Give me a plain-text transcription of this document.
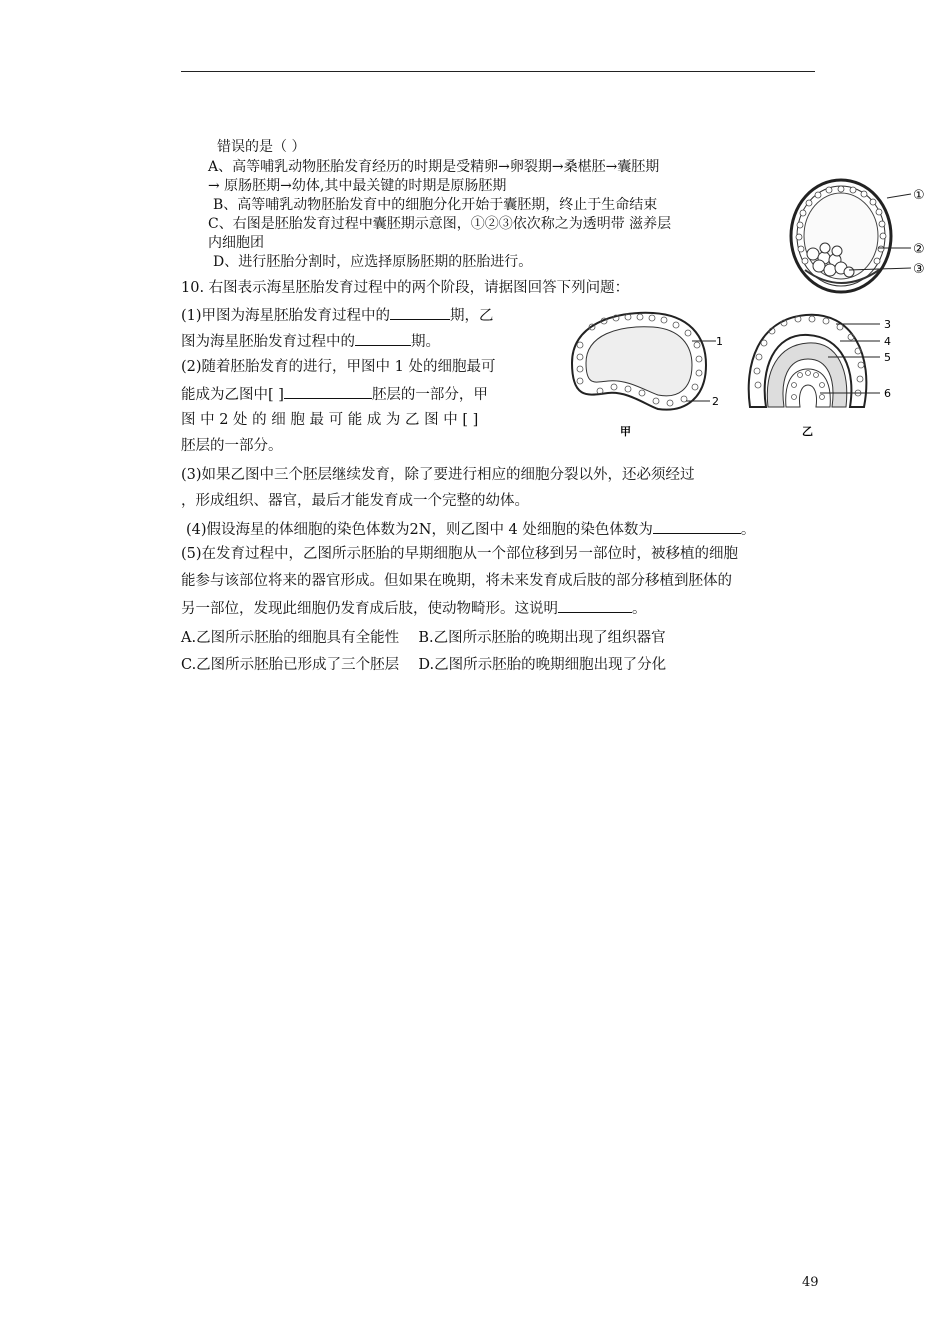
错误的是（ ）
A、高等哺乳动物胚胎发育经历的时期是受精卵→卵裂期→桑椹胚→囊胚期
→ 原肠胚期→幼体,其中最关键的时期是原肠胚期
B、高等哺乳动物胚胎发育中的细胞分化开始于囊胚期，终止于生命结束
C、右图是胚胎发育过程中囊胚期示意图，①②③依次称之为透明带 滋养层
内细胞团
D、进行胚胎分割时，应选择原肠胚期的胚胎进行。
①
②
③
10. 右图表示海星胚胎发育过程中的两个阶段，请据图回答下列问题：
(1)甲图为海星胚胎发育过程中的	期，乙
图为海星胚胎发育过程中的	期。
(2)随着胚胎发育的进行，甲图中 1 处的细胞最可
能成为乙图中[ ]	胚层的一部分，甲
图 中 2 处 的 细 胞 最 可 能 成 为 乙 图 中 [ ]
胚层的一部分。
1
2
甲
3
4
5
6
乙
(3)如果乙图中三个胚层继续发育，除了要进行相应的细胞分裂以外，还必须经过
，形成组织、器官，最后才能发育成一个完整的幼体。
(4)假设海星的体细胞的染色体数为2N，则乙图中 4 处细胞的染色体数为	。
(5)在发育过程中，乙图所示胚胎的早期细胞从一个部位移到另一部位时，被移植的细胞
能参与该部位将来的器官形成。但如果在晚期，将未来发育成后肢的部分移植到胚体的
另一部位，发现此细胞仍发育成后肢，使动物畸形。这说明	。
A.乙图所示胚胎的细胞具有全能性 B.乙图所示胚胎的晚期出现了组织器官
C.乙图所示胚胎已形成了三个胚层 D.乙图所示胚胎的晚期细胞出现了分化
49
